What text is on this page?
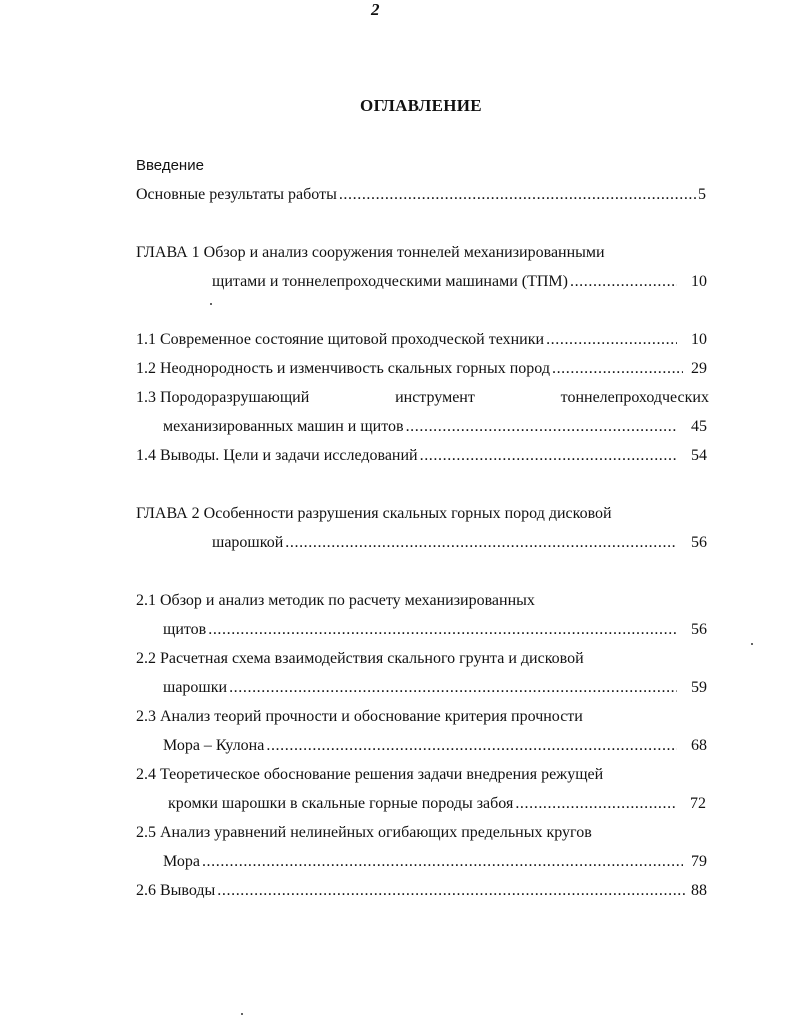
2
ОГЛАВЛЕНИЕ
Введение
Основные результаты работы .....	5
ГЛАВА 1 Обзор и анализ сооружения тоннелей механизированными
щитами и тоннелепроходческими машинами (ТПМ) .....	10
1.1 Современное состояние щитовой проходческой техники .....	10
1.2 Неоднородность и изменчивость скальных горных пород .....	29
1.3 Породоразрушающий	инструмент	тоннелепроходческих
механизированных машин и щитов .....	45
1.4 Выводы. Цели и задачи исследований .....	54
ГЛАВА 2 Особенности разрушения скальных горных пород дисковой
шарошкой .....	56
2.1 Обзор и анализ методик по расчету механизированных
щитов .....	56
2.2 Расчетная схема взаимодействия скального грунта и дисковой
шарошки .....	59
2.3 Анализ теорий прочности и обоснование критерия прочности
Мора – Кулона .....	68
2.4 Теоретическое обоснование решения задачи внедрения режущей
кромки шарошки в скальные горные породы забоя .....	72
2.5 Анализ уравнений нелинейных огибающих предельных кругов
Мора .....	79
2.6 Выводы .....	88
